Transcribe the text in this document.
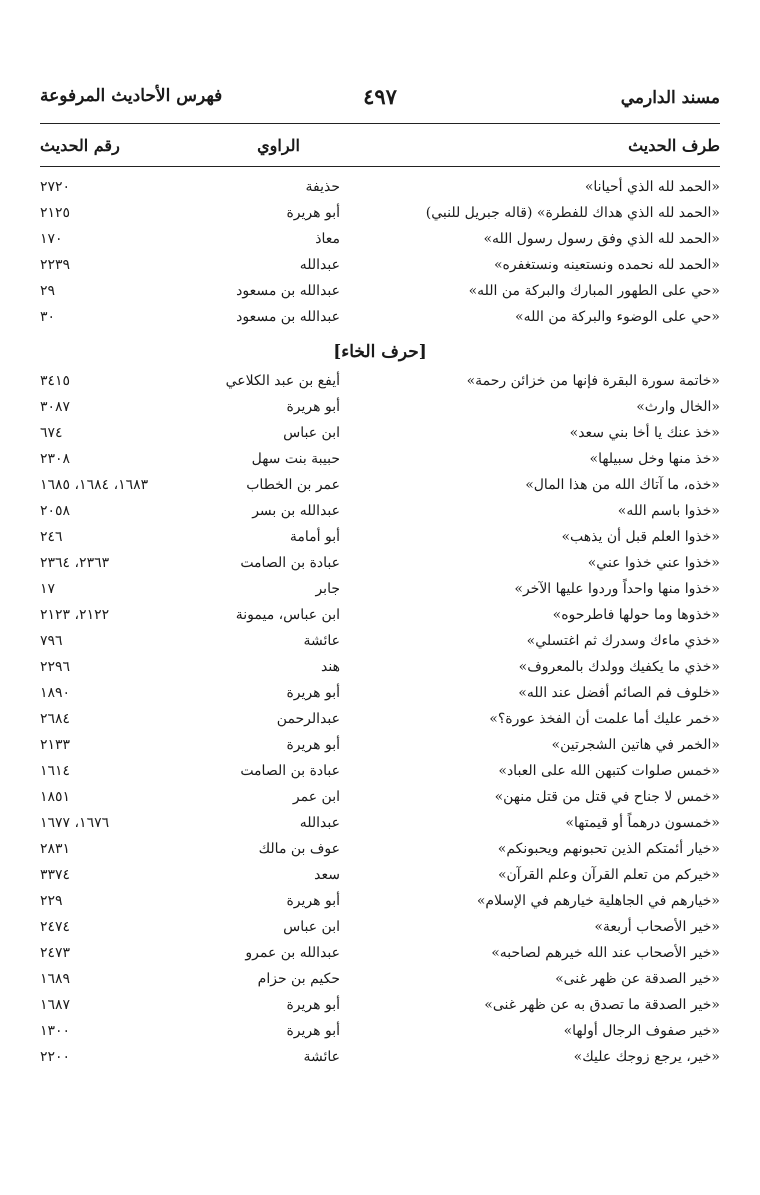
مسند الدارمي
٤٩٧
فهرس الأحاديث المرفوعة
طرف الحديث
الراوي
رقم الحديث
«الحمد لله الذي أحيانا»
حذيفة
٢٧٢٠
«الحمد لله الذي هداك للفطرة» (قاله جبريل للنبي)
أبو هريرة
٢١٢٥
«الحمد لله الذي وفق رسول رسول الله»
معاذ
١٧٠
«الحمد لله نحمده ونستعينه ونستغفره»
عبدالله
٢٢٣٩
«حي على الطهور المبارك والبركة من الله»
عبدالله بن مسعود
٢٩
«حي على الوضوء والبركة من الله»
عبدالله بن مسعود
٣٠
[حرف الخاء]
«خاتمة سورة البقرة فإنها من خزائن رحمة»
أيفع بن عبد الكلاعي
٣٤١٥
«الخال وارث»
أبو هريرة
٣٠٨٧
«خذ عنك يا أخا بني سعد»
ابن عباس
٦٧٤
«خذ منها وخل سبيلها»
حبيبة بنت سهل
٢٣٠٨
«خذه، ما آتاك الله من هذا المال»
عمر بن الخطاب
١٦٨٣، ١٦٨٤، ١٦٨٥
«خذوا باسم الله»
عبدالله بن بسر
٢٠٥٨
«خذوا العلم قبل أن يذهب»
أبو أمامة
٢٤٦
«خذوا عني خذوا عني»
عبادة بن الصامت
٢٣٦٣، ٢٣٦٤
«خذوا منها واحداً وردوا عليها الآخر»
جابر
١٧
«خذوها وما حولها فاطرحوه»
ابن عباس، ميمونة
٢١٢٢، ٢١٢٣
«خذي ماءك وسدرك ثم اغتسلي»
عائشة
٧٩٦
«خذي ما يكفيك وولدك بالمعروف»
هند
٢٢٩٦
«خلوف فم الصائم أفضل عند الله»
أبو هريرة
١٨٩٠
«خمر عليك أما علمت أن الفخذ عورة؟»
عبدالرحمن
٢٦٨٤
«الخمر في هاتين الشجرتين»
أبو هريرة
٢١٣٣
«خمس صلوات كتبهن الله على العباد»
عبادة بن الصامت
١٦١٤
«خمس لا جناح في قتل من قتل منهن»
ابن عمر
١٨٥١
«خمسون درهماً أو قيمتها»
عبدالله
١٦٧٦، ١٦٧٧
«خيار أئمتكم الذين تحبونهم ويحبونكم»
عوف بن مالك
٢٨٣١
«خيركم من تعلم القرآن وعلم القرآن»
سعد
٣٣٧٤
«خيارهم في الجاهلية خيارهم في الإسلام»
أبو هريرة
٢٢٩
«خير الأصحاب أربعة»
ابن عباس
٢٤٧٤
«خير الأصحاب عند الله خيرهم لصاحبه»
عبدالله بن عمرو
٢٤٧٣
«خير الصدقة عن ظهر غنى»
حكيم بن حزام
١٦٨٩
«خير الصدقة ما تصدق به عن ظهر غنى»
أبو هريرة
١٦٨٧
«خير صفوف الرجال أولها»
أبو هريرة
١٣٠٠
«خير، يرجع زوجك عليك»
عائشة
٢٢٠٠
